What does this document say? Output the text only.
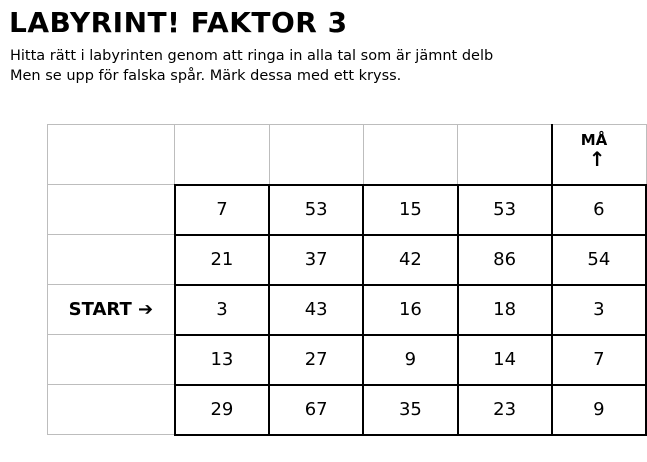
LABYRINT! FAKTOR 3
Hitta rätt i labyrinten genom att ringa in alla tal som är jämnt delb
Men se upp för falska spår. Märk dessa med ett kryss.

					MÅ
↑

	7	53	15	53	6
	21	37	42	86	54
START ➔	3	43	16	18	3
	13	27	9	14	7
	29	67	35	23	9
